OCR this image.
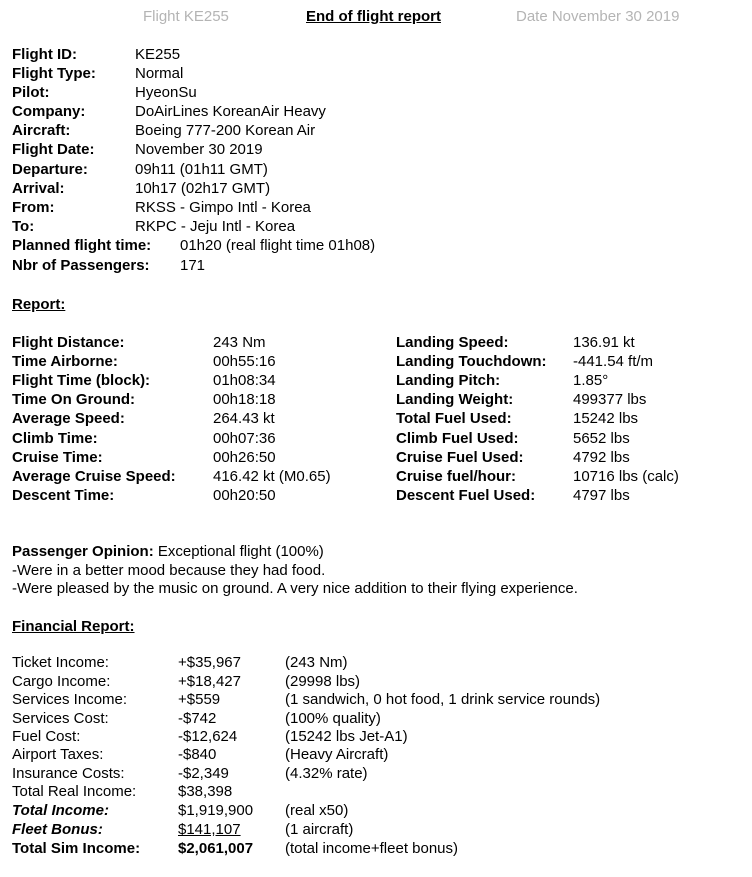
Flight KE255	End of flight report	Date November 30 2019
Flight ID:	KE255
Flight Type:	Normal
Pilot:	HyeonSu
Company:	DoAirLines KoreanAir Heavy
Aircraft:	Boeing 777-200 Korean Air
Flight Date:	November 30 2019
Departure:	09h11 (01h11 GMT)
Arrival:	10h17 (02h17 GMT)
From:	RKSS - Gimpo Intl - Korea
To:	RKPC - Jeju Intl - Korea
Planned flight time: 01h20 (real flight time 01h08)
Nbr of Passengers: 171
Report:
Flight Distance:	243 Nm	Landing Speed:	136.91 kt
Time Airborne:	00h55:16	Landing Touchdown: -441.54 ft/m
Flight Time (block):	01h08:34	Landing Pitch:	1.85°
Time On Ground:	00h18:18	Landing Weight:	499377 lbs
Average Speed:	264.43 kt	Total Fuel Used:	15242 lbs
Climb Time:	00h07:36	Climb Fuel Used:	5652 lbs
Cruise Time:	00h26:50	Cruise Fuel Used:	4792 lbs
Average Cruise Speed: 416.42 kt (M0.65)	Cruise fuel/hour:	10716 lbs (calc)
Descent Time:	00h20:50	Descent Fuel Used:	4797 lbs
Passenger Opinion: Exceptional flight (100%)
-Were in a better mood because they had food.
-Were pleased by the music on ground. A very nice addition to their flying experience.
Financial Report:
Ticket Income:	+$35,967	(243 Nm)
Cargo Income:	+$18,427	(29998 lbs)
Services Income:	+$559	(1 sandwich, 0 hot food, 1 drink service rounds)
Services Cost:	-$742	(100% quality)
Fuel Cost:	-$12,624	(15242 lbs Jet-A1)
Airport Taxes:	-$840	(Heavy Aircraft)
Insurance Costs:	-$2,349	(4.32% rate)
Total Real Income:	$38,398
Total Income:	$1,919,900 (real x50)
Fleet Bonus:	$141,107	(1 aircraft)
Total Sim Income:	$2,061,007 (total income+fleet bonus)
